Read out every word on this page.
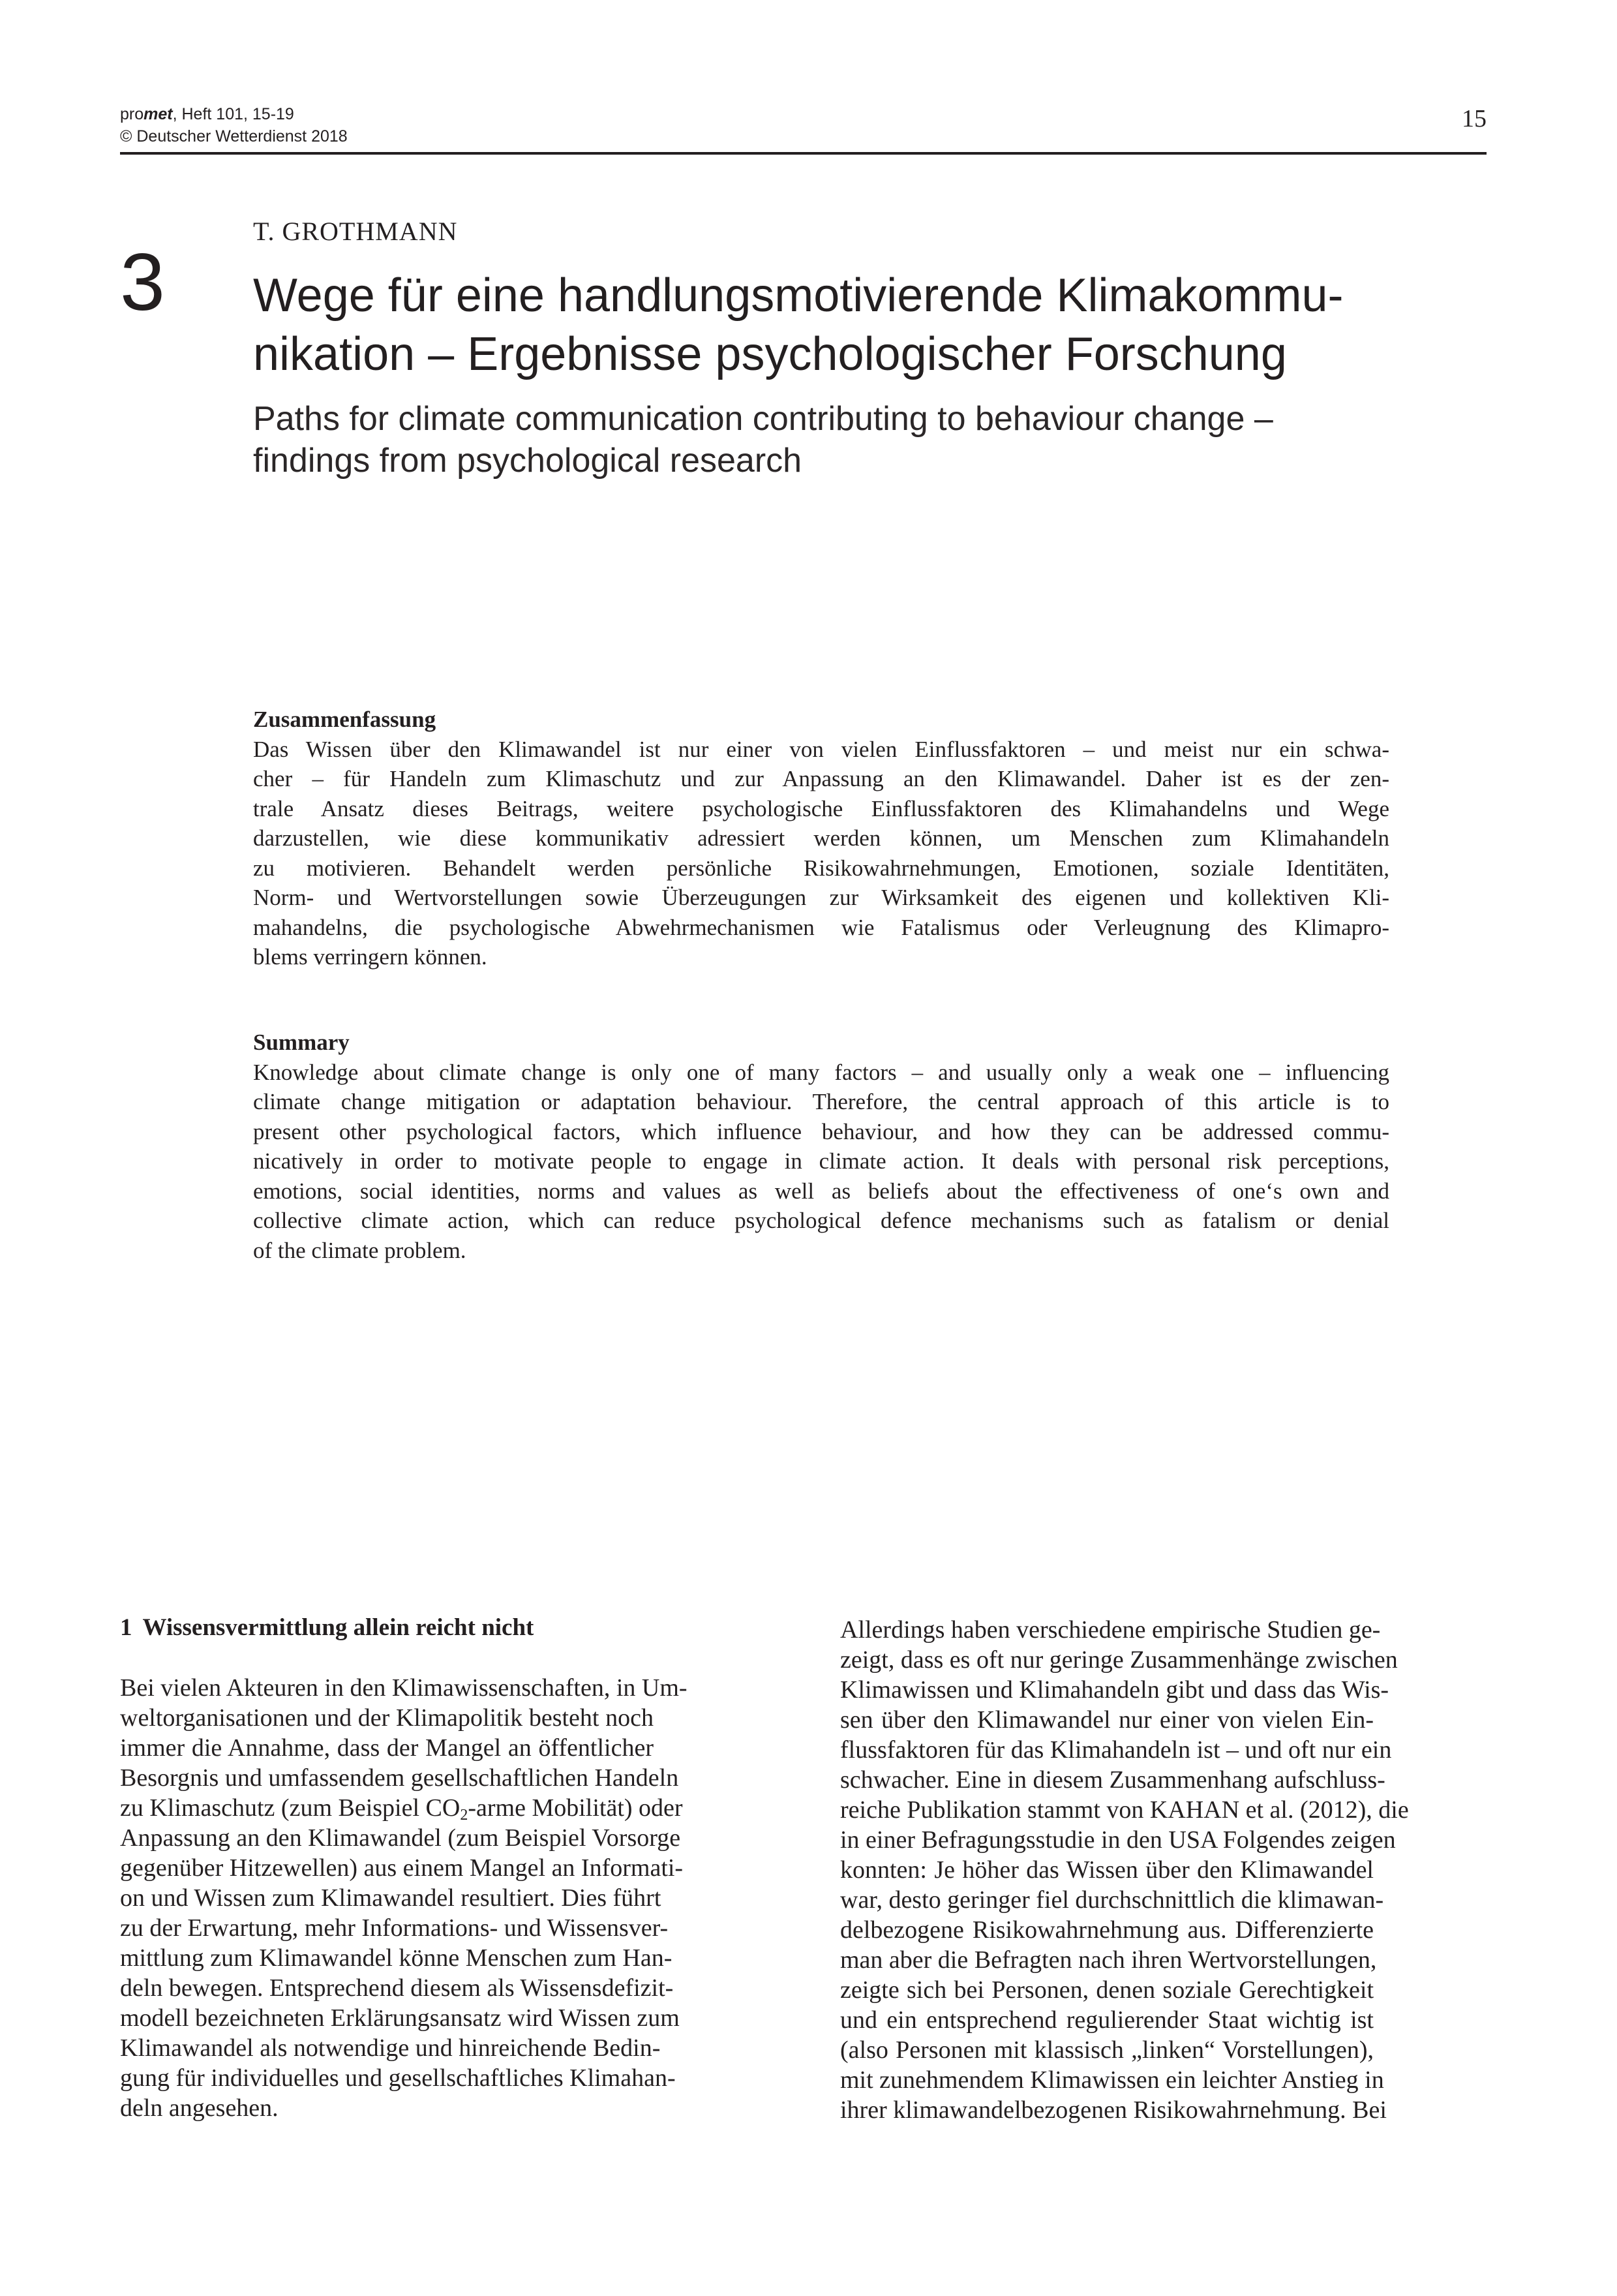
promet, Heft 101, 15-19
© Deutscher Wetterdienst 2018
15
3
T. GROTHMANN
Wege für eine handlungsmotivierende Klimakommu-
nikation – Ergebnisse psychologischer Forschung
Paths for climate communication contributing to behaviour change –
findings from psychological research
Zusammenfassung
Das Wissen über den Klimawandel ist nur einer von vielen Einflussfaktoren – und meist nur ein schwa-
cher – für Handeln zum Klimaschutz und zur Anpassung an den Klimawandel. Daher ist es der zen-
trale Ansatz dieses Beitrags, weitere psychologische Einflussfaktoren des Klimahandelns und Wege
darzustellen, wie diese kommunikativ adressiert werden können, um Menschen zum Klimahandeln
zu motivieren. Behandelt werden persönliche Risikowahrnehmungen, Emotionen, soziale Identitäten,
Norm- und Wertvorstellungen sowie Überzeugungen zur Wirksamkeit des eigenen und kollektiven Kli-
mahandelns, die psychologische Abwehrmechanismen wie Fatalismus oder Verleugnung des Klimapro-
blems verringern können.
Summary
Knowledge about climate change is only one of many factors – and usually only a weak one – influencing
climate change mitigation or adaptation behaviour. Therefore, the central approach of this article is to
present other psychological factors, which influence behaviour, and how they can be addressed commu-
nicatively in order to motivate people to engage in climate action. It deals with personal risk perceptions,
emotions, social identities, norms and values as well as beliefs about the effectiveness of one‘s own and
collective climate action, which can reduce psychological defence mechanisms such as fatalism or denial
of the climate problem.
1 Wissensvermittlung allein reicht nicht
Bei vielen Akteuren in den Klimawissenschaften, in Um-
weltorganisationen und der Klimapolitik besteht noch
immer die Annahme, dass der Mangel an öffentlicher
Besorgnis und umfassendem gesellschaftlichen Handeln
zu Klimaschutz (zum Beispiel $CO_2$-arme Mobilität) oder
Anpassung an den Klimawandel (zum Beispiel Vorsorge
gegenüber Hitzewellen) aus einem Mangel an Informati-
on und Wissen zum Klimawandel resultiert. Dies führt
zu der Erwartung, mehr Informations- und Wissensver-
mittlung zum Klimawandel könne Menschen zum Han-
deln bewegen. Entsprechend diesem als Wissensdefizit-
modell bezeichneten Erklärungsansatz wird Wissen zum
Klimawandel als notwendige und hinreichende Bedin-
gung für individuelles und gesellschaftliches Klimahan-
deln angesehen.
Allerdings haben verschiedene empirische Studien ge-
zeigt, dass es oft nur geringe Zusammenhänge zwischen
Klimawissen und Klimahandeln gibt und dass das Wis-
sen über den Klimawandel nur einer von vielen Ein-
flussfaktoren für das Klimahandeln ist – und oft nur ein
schwacher. Eine in diesem Zusammenhang aufschluss-
reiche Publikation stammt von KAHAN et al. (2012), die
in einer Befragungsstudie in den USA Folgendes zeigen
konnten: Je höher das Wissen über den Klimawandel
war, desto geringer fiel durchschnittlich die klimawan-
delbezogene Risikowahrnehmung aus. Differenzierte
man aber die Befragten nach ihren Wertvorstellungen,
zeigte sich bei Personen, denen soziale Gerechtigkeit
und ein entsprechend regulierender Staat wichtig ist
(also Personen mit klassisch „linken“ Vorstellungen),
mit zunehmendem Klimawissen ein leichter Anstieg in
ihrer klimawandelbezogenen Risikowahrnehmung. Bei
